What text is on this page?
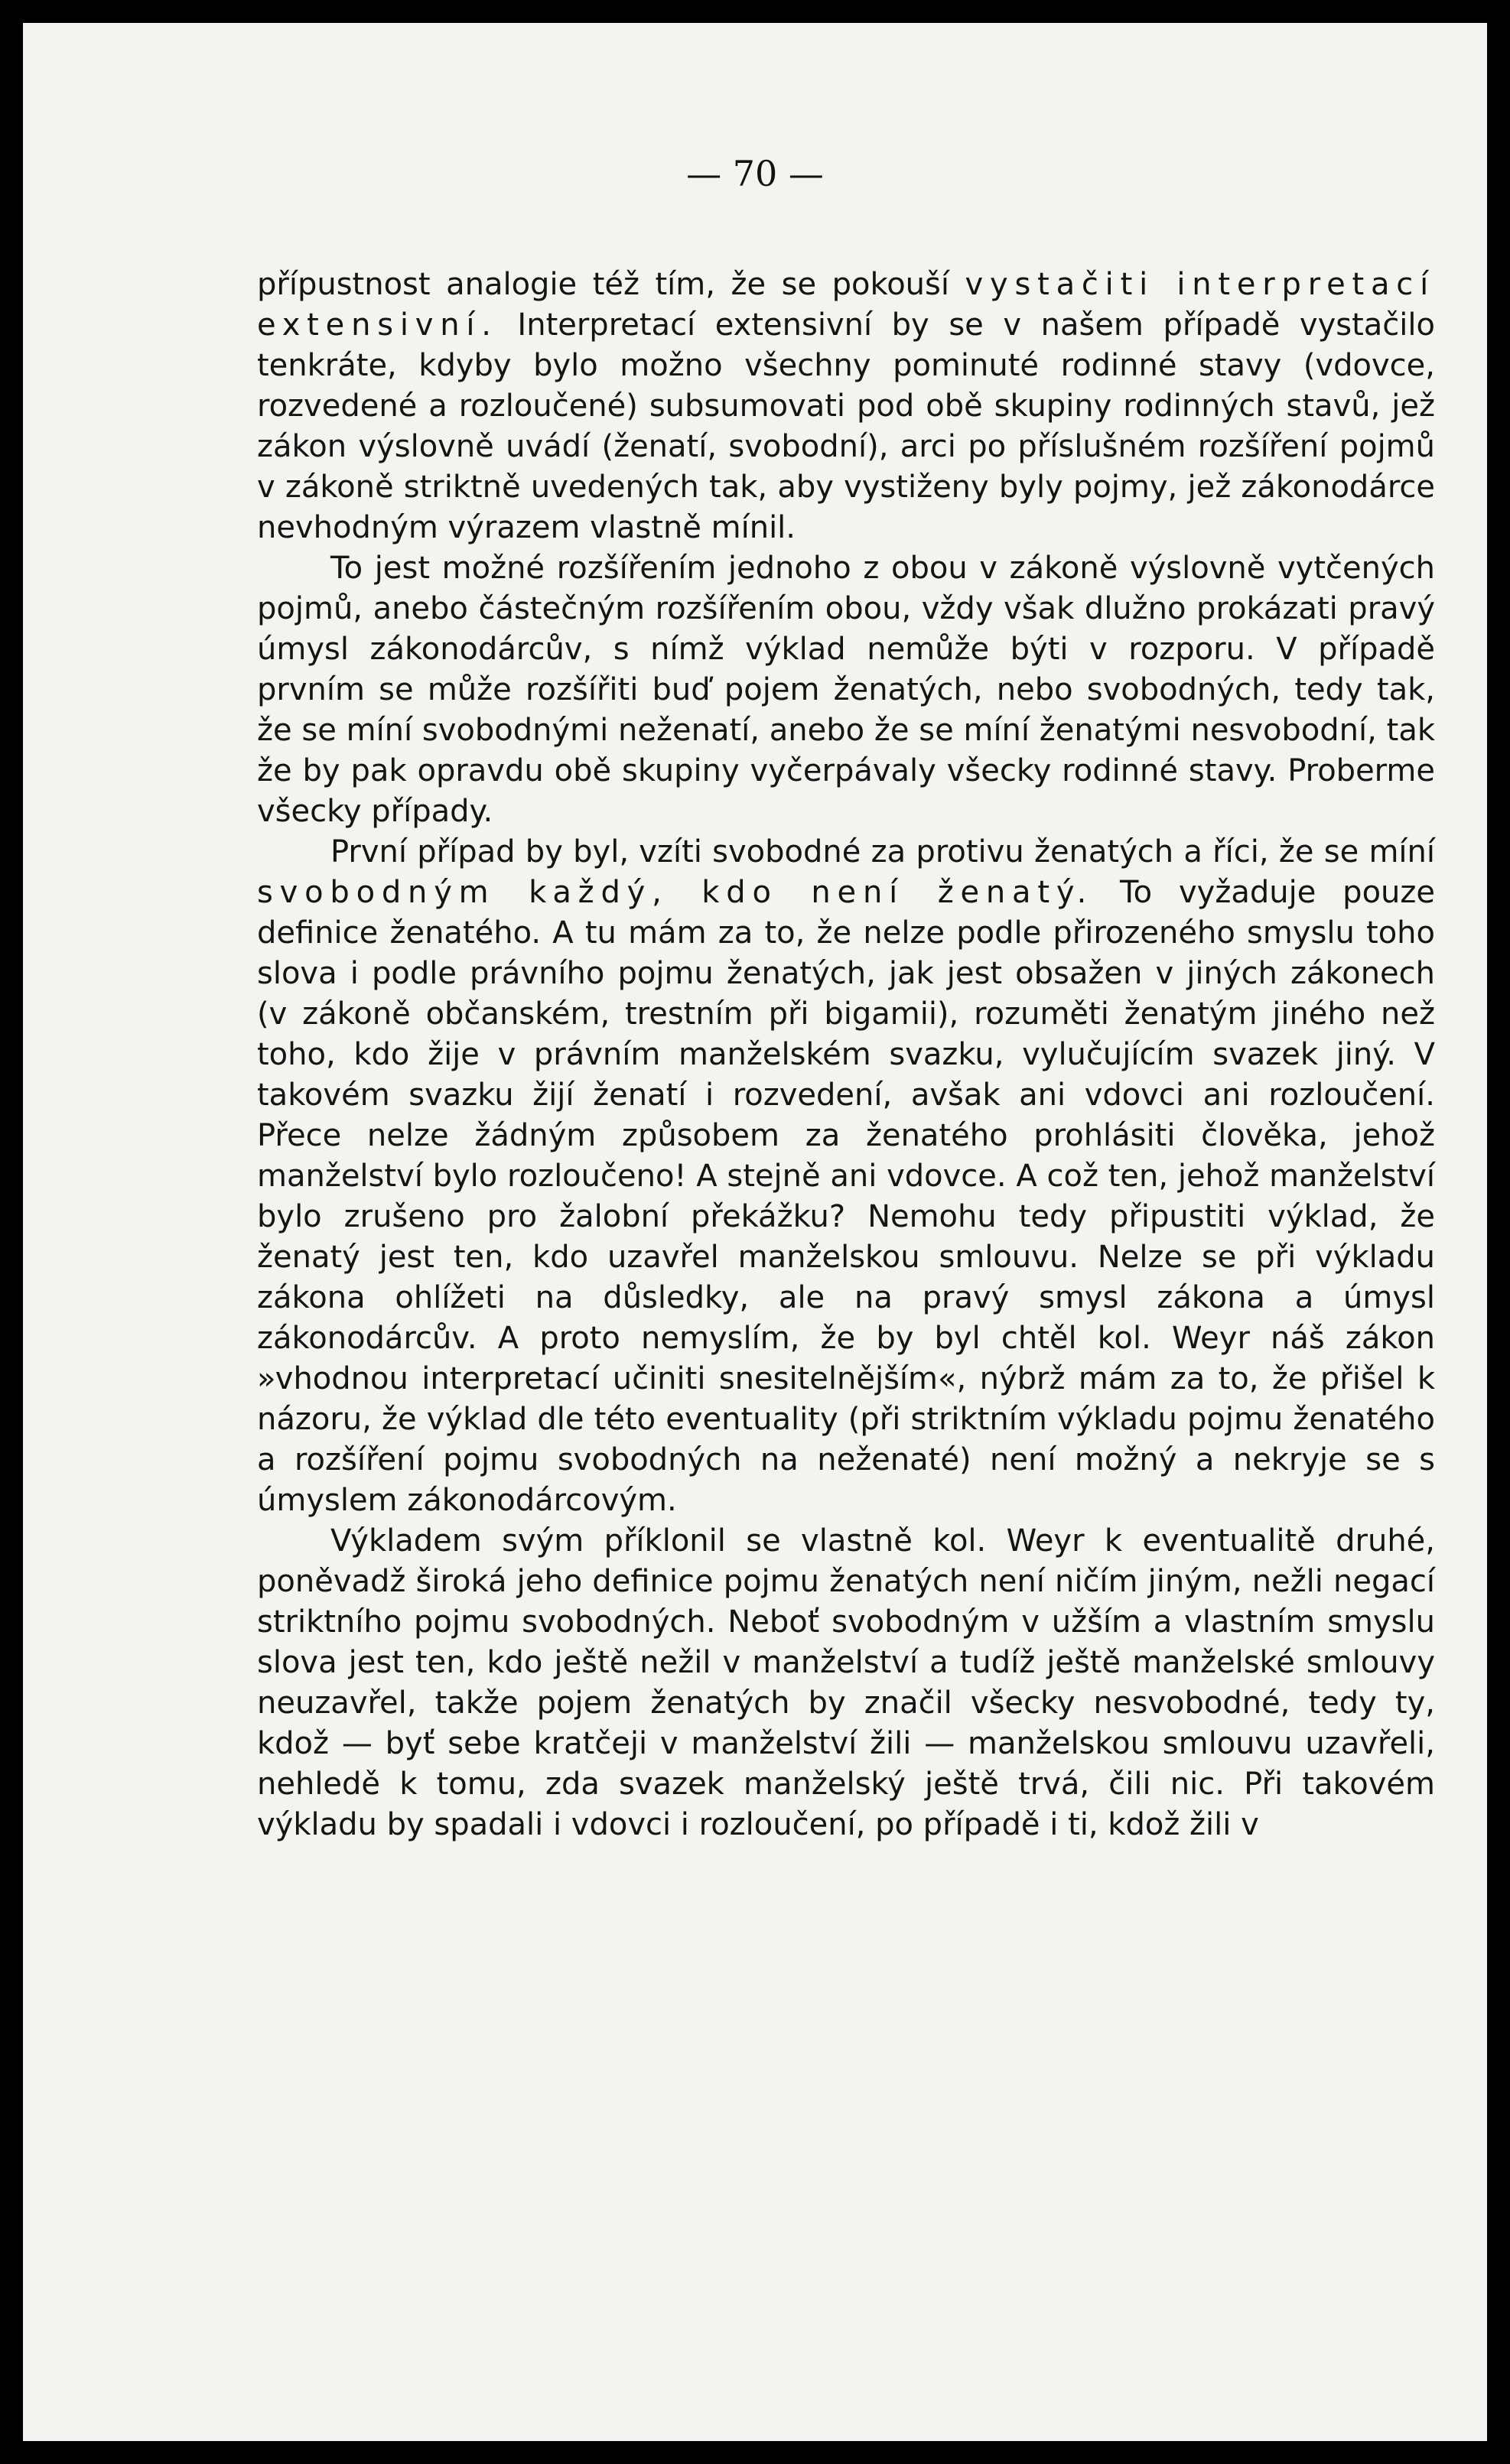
— 70 —

přípustnost analogie též tím, že se pokouší vystačiti interpretací extensivní. Interpretací extensivní by se v našem případě vystačilo tenkráte, kdyby bylo možno všechny pominuté rodinné stavy (vdovce, rozvedené a rozloučené) subsumovati pod obě skupiny rodinných stavů, jež zákon výslovně uvádí (ženatí, svobodní), arci po příslušném rozšíření pojmů v zákoně striktně uvedených tak, aby vystiženy byly pojmy, jež zákonodárce nevhodným výrazem vlastně mínil.

To jest možné rozšířením jednoho z obou v zákoně výslovně vytčených pojmů, anebo částečným rozšířením obou, vždy však dlužno prokázati pravý úmysl zákonodárcův, s nímž výklad nemůže býti v rozporu. V případě prvním se může rozšířiti buď pojem ženatých, nebo svobodných, tedy tak, že se míní svobodnými neženatí, anebo že se míní ženatými nesvobodní, tak že by pak opravdu obě skupiny vyčerpávaly všecky rodinné stavy. Proberme všecky případy.

První případ by byl, vzíti svobodné za protivu ženatých a říci, že se míní svobodným každý, kdo není ženatý. To vyžaduje pouze definice ženatého. A tu mám za to, že nelze podle přirozeného smyslu toho slova i podle právního pojmu ženatých, jak jest obsažen v jiných zákonech (v zákoně občanském, trestním při bigamii), rozuměti ženatým jiného než toho, kdo žije v právním manželském svazku, vylučujícím svazek jiný. V takovém svazku žijí ženatí i rozvedení, avšak ani vdovci ani rozloučení. Přece nelze žádným způsobem za ženatého prohlásiti člověka, jehož manželství bylo rozloučeno! A stejně ani vdovce. A což ten, jehož manželství bylo zrušeno pro žalobní překážku? Nemohu tedy připustiti výklad, že ženatý jest ten, kdo uzavřel manželskou smlouvu. Nelze se při výkladu zákona ohlížeti na důsledky, ale na pravý smysl zákona a úmysl zákonodárcův. A proto nemyslím, že by byl chtěl kol. Weyr náš zákon »vhodnou interpretací učiniti snesitelnějším«, nýbrž mám za to, že přišel k názoru, že výklad dle této eventuality (při striktním výkladu pojmu ženatého a rozšíření pojmu svobodných na neženaté) není možný a nekryje se s úmyslem zákonodárcovým.

Výkladem svým příklonil se vlastně kol. Weyr k eventualitě druhé, poněvadž široká jeho definice pojmu ženatých není ničím jiným, nežli negací striktního pojmu svobodných. Neboť svobodným v užším a vlastním smyslu slova jest ten, kdo ještě nežil v manželství a tudíž ještě manželské smlouvy neuzavřel, takže pojem ženatých by značil všecky nesvobodné, tedy ty, kdož — byť sebe kratčeji v manželství žili — manželskou smlouvu uzavřeli, nehledě k tomu, zda svazek manželský ještě trvá, čili nic. Při takovém výkladu by spadali i vdovci i rozloučení, po případě i ti, kdož žili v
